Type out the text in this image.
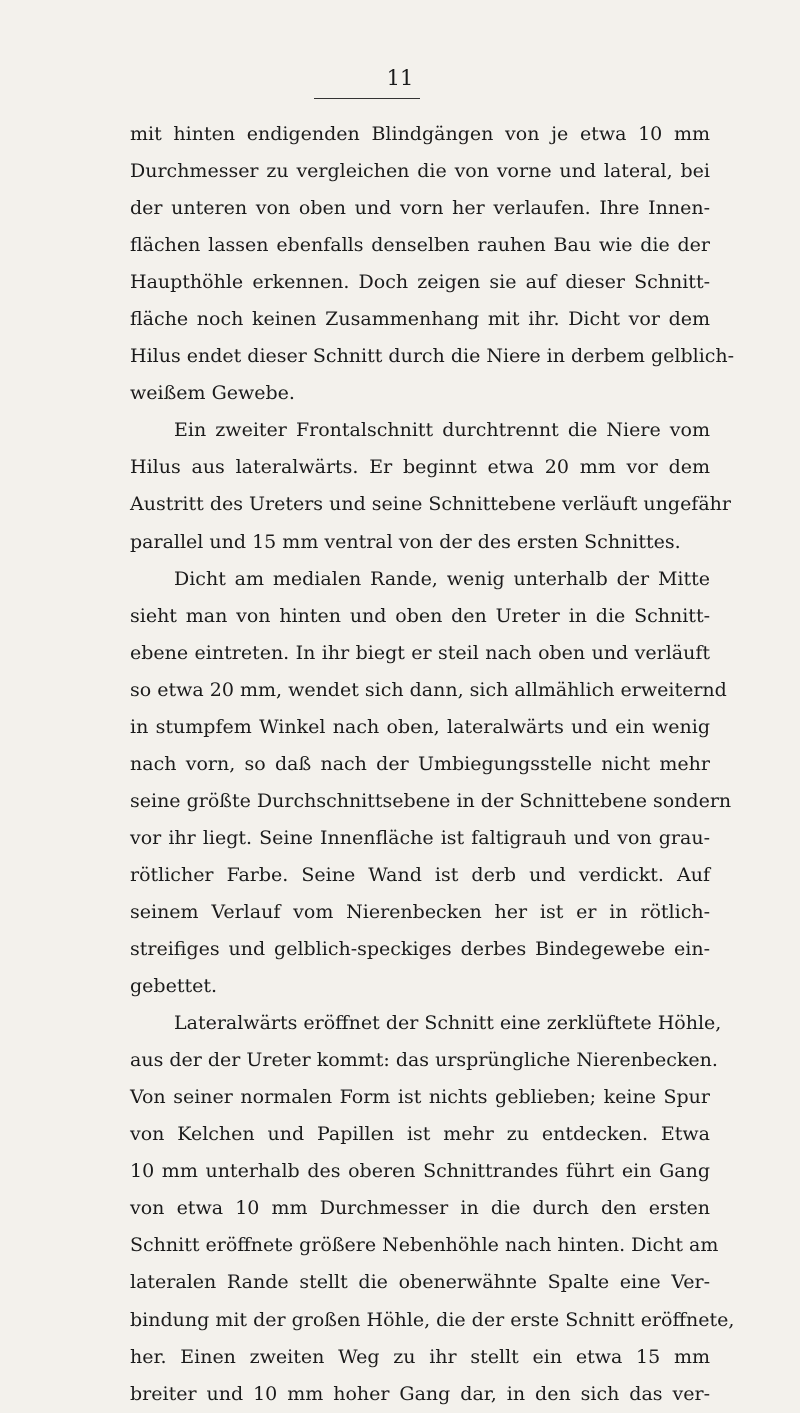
11
mit hinten endigenden Blindgängen von je etwa 10 mm
Durchmesser zu vergleichen die von vorne und lateral, bei
der unteren von oben und vorn her verlaufen. Ihre Innen-
flächen lassen ebenfalls denselben rauhen Bau wie die der
Haupthöhle erkennen. Doch zeigen sie auf dieser Schnitt-
fläche noch keinen Zusammenhang mit ihr. Dicht vor dem
Hilus endet dieser Schnitt durch die Niere in derbem gelblich-
weißem Gewebe.
Ein zweiter Frontalschnitt durchtrennt die Niere vom
Hilus aus lateralwärts. Er beginnt etwa 20 mm vor dem
Austritt des Ureters und seine Schnittebene verläuft ungefähr
parallel und 15 mm ventral von der des ersten Schnittes.
Dicht am medialen Rande, wenig unterhalb der Mitte
sieht man von hinten und oben den Ureter in die Schnitt-
ebene eintreten. In ihr biegt er steil nach oben und verläuft
so etwa 20 mm, wendet sich dann, sich allmählich erweiternd
in stumpfem Winkel nach oben, lateralwärts und ein wenig
nach vorn, so daß nach der Umbiegungsstelle nicht mehr
seine größte Durchschnittsebene in der Schnittebene sondern
vor ihr liegt. Seine Innenfläche ist faltigrauh und von grau-
rötlicher Farbe. Seine Wand ist derb und verdickt. Auf
seinem Verlauf vom Nierenbecken her ist er in rötlich-
streifiges und gelblich-speckiges derbes Bindegewebe ein-
gebettet.
Lateralwärts eröffnet der Schnitt eine zerklüftete Höhle,
aus der der Ureter kommt: das ursprüngliche Nierenbecken.
Von seiner normalen Form ist nichts geblieben; keine Spur
von Kelchen und Papillen ist mehr zu entdecken. Etwa
10 mm unterhalb des oberen Schnittrandes führt ein Gang
von etwa 10 mm Durchmesser in die durch den ersten
Schnitt eröffnete größere Nebenhöhle nach hinten. Dicht am
lateralen Rande stellt die obenerwähnte Spalte eine Ver-
bindung mit der großen Höhle, die der erste Schnitt eröffnete,
her. Einen zweiten Weg zu ihr stellt ein etwa 15 mm
breiter und 10 mm hoher Gang dar, in den sich das ver-
